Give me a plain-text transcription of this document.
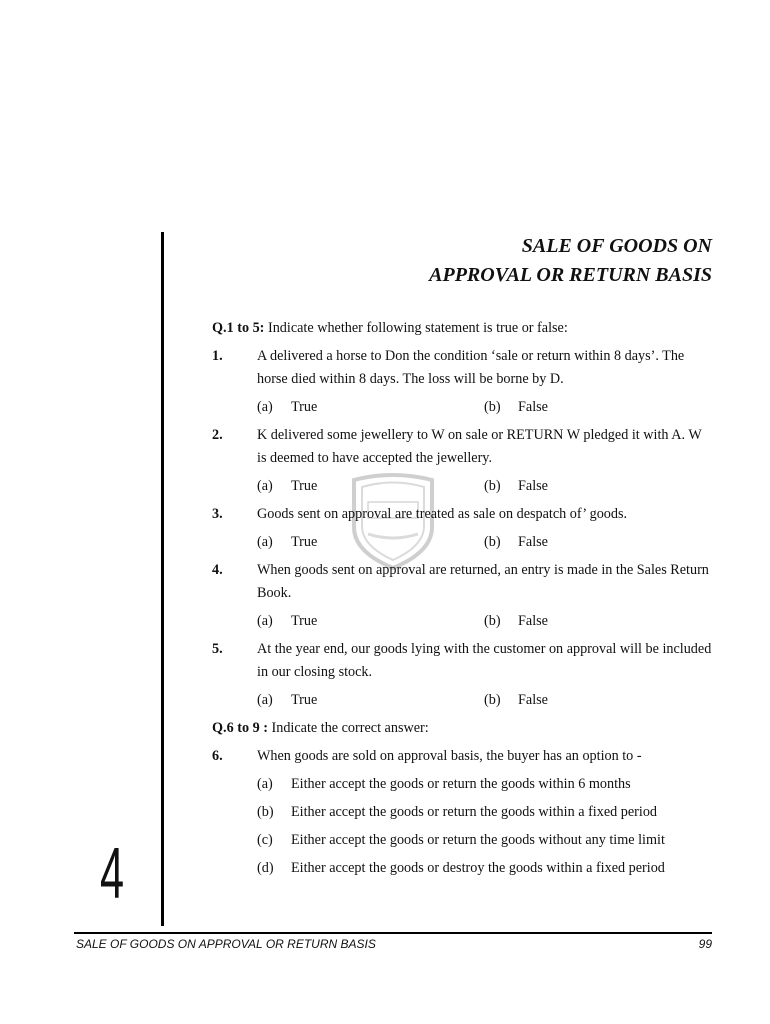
4
SALE OF GOODS ON
APPROVAL OR RETURN BASIS
Q.1 to 5: Indicate whether following statement is true or false:
1. A delivered a horse to Don the condition ‘sale or return within 8 days’. The horse died within 8 days. The loss will be borne by D.
(a) True	(b) False
2. K delivered some jewellery to W on sale or RETURN W pledged it with A. W is deemed to have accepted the jewellery.
(a) True	(b) False
3. Goods sent on approval are treated as sale on despatch of’ goods.
(a) True	(b) False
4. When goods sent on approval are returned, an entry is made in the Sales Return Book.
(a) True	(b) False
5. At the year end, our goods lying with the customer on approval will be included in our closing stock.
(a) True	(b) False
Q.6 to 9 : Indicate the correct answer:
6. When goods are sold on approval basis, the buyer has an option to -
(a) Either accept the goods or return the goods within 6 months
(b) Either accept the goods or return the goods within a fixed period
(c) Either accept the goods or return the goods without any time limit
(d) Either accept the goods or destroy the goods within a fixed period
SALE OF GOODS ON APPROVAL OR RETURN BASIS	99
